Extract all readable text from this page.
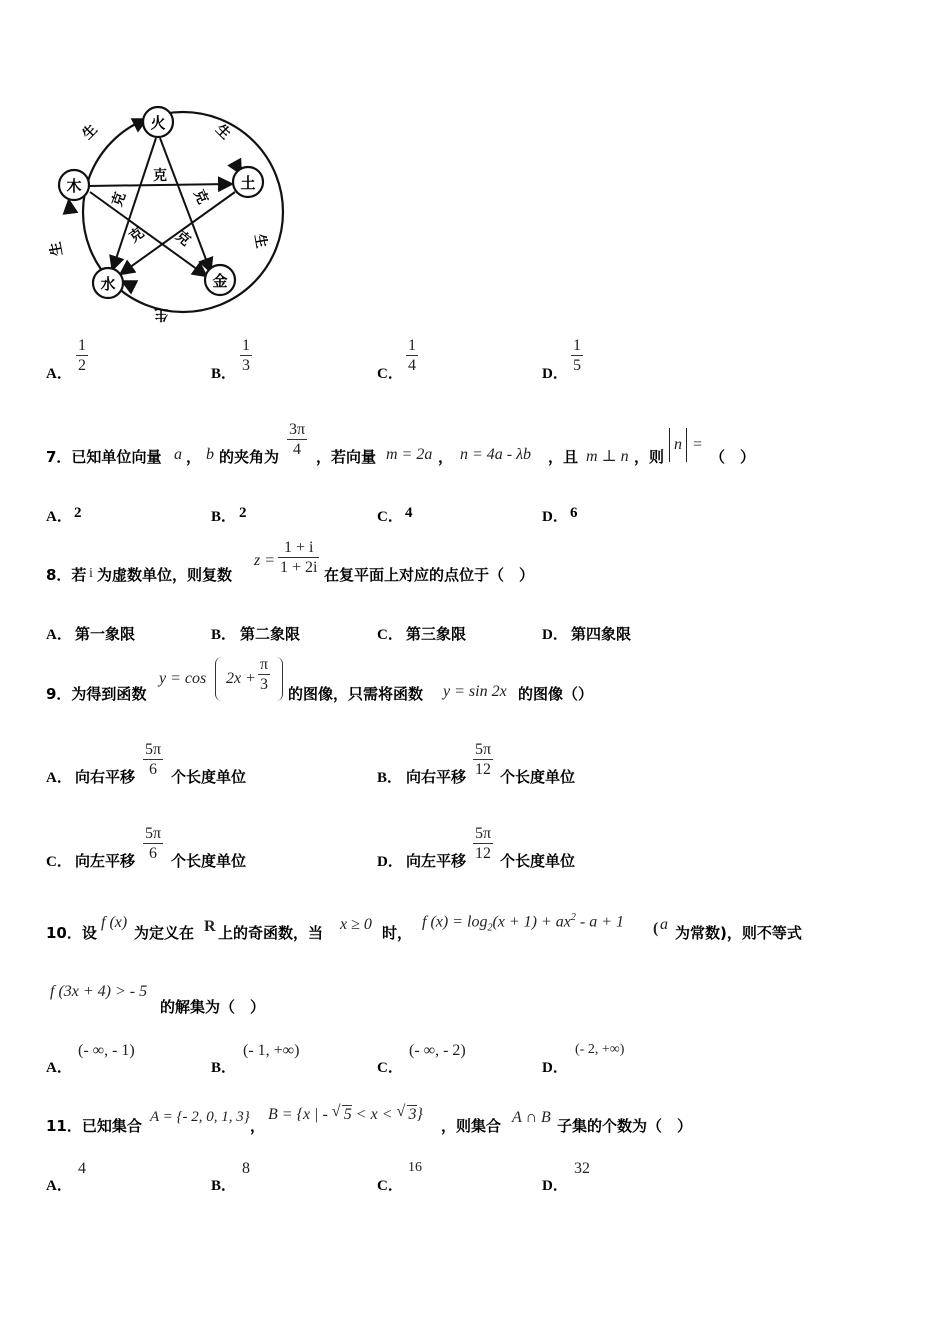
火
土
金
水
木
生	生
生
生
生
克
克	克
克 克
A．
1
2	B．
1
3	C．
1
4	D．
1
5
7．已知单位向量 a ， b 的夹角为
3π
4 ，若向量 m = 2a ， n = 4a - λb ，且 m ⊥ n ，则
n =
（　）
A． 2	B． 2	C． 4	D． 6
8．若 i 为虚数单位，则复数
z =
1 + i
1 + 2i 在复平面上对应的点位于（　）
A． 第一象限	B． 第二象限	C． 第三象限	D． 第四象限
9．为得到函数
y = cos 2x +
π
3
的图像，只需将函数 y = sin 2x 的图像（）
A． 向右平移
5π
6 个长度单位	B． 向右平移
5π
12 个长度单位
C． 向左平移
5π
6 个长度单位	D． 向左平移
5π
12 个长度单位
10．设
f (x)
为定义在 R 上的奇函数，当 x ≥ 0 时，
f $(x) = \log_2(x + 1) + ax^2 - a + 1$ ( a 为常数)，则不等式
f (3x + 4) > - 5
的解集为（　）
A．
(- ∞, - 1)
B．
(- 1, +∞)
C．
(- ∞, - 2)
D．
(- 2, +∞)
11．已知集合 A = {- 2, 0, 1, 3} ，
B = {x | - √ 5 < x < √ 3}
，则集合 A ∩ B 子集的个数为（　）
A．
4
B．
8
C．
16
D．
32
